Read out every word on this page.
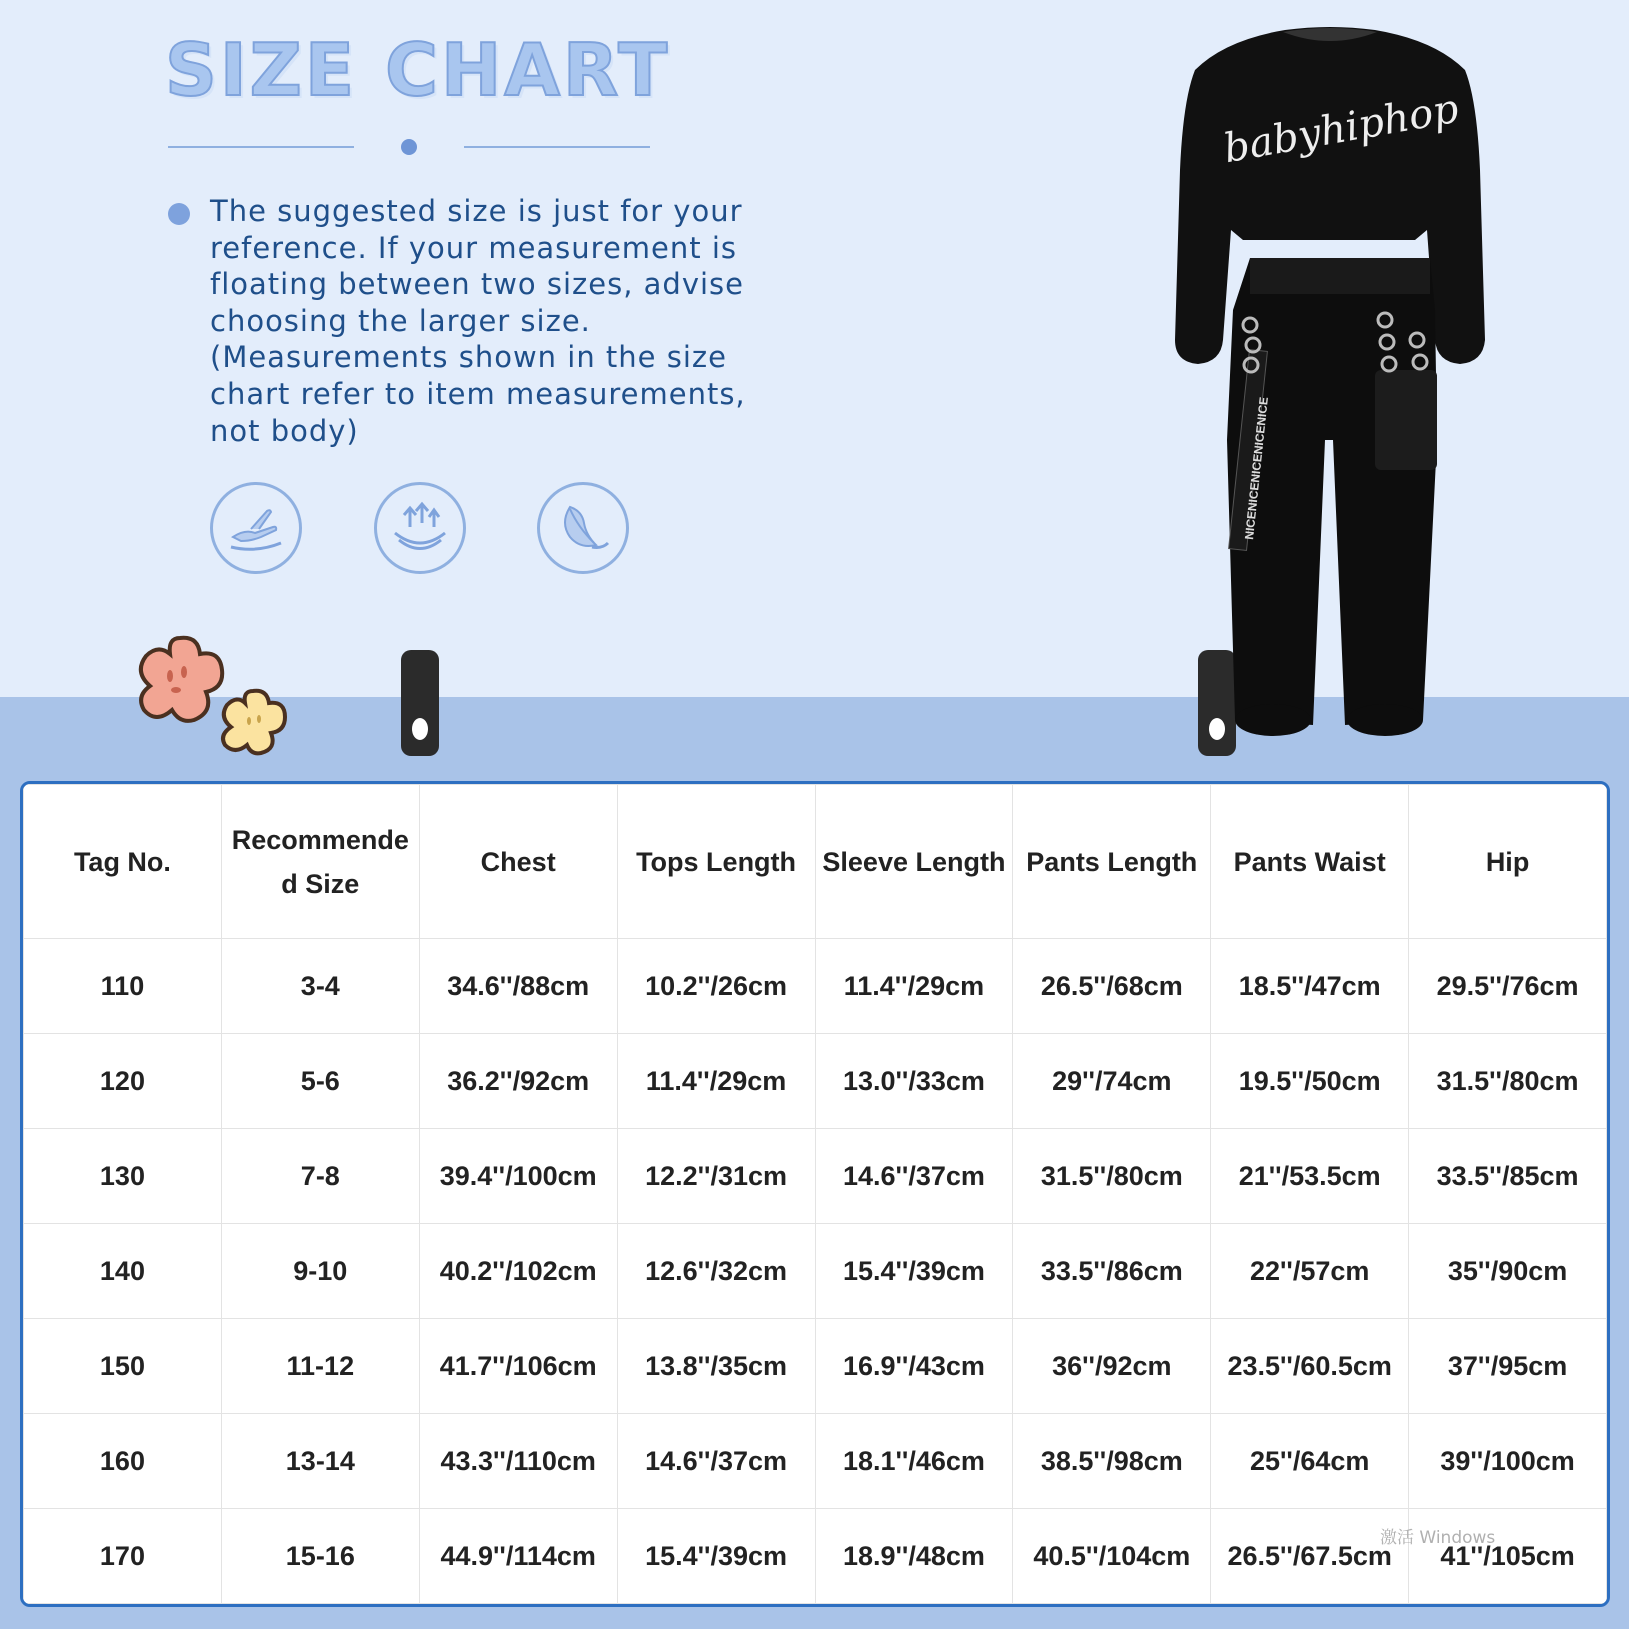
SIZE CHART

The suggested size is just for your
reference. If your measurement is
floating between two sizes, advise
choosing the larger size.
(Measurements shown in the size
chart refer to item measurements,
not body)

babyhiphop
NICENICENICENICENICE
Tag No.	Recommended Size	Chest	Tops Length	Sleeve Length	Pants Length	Pants Waist	Hip
110	3-4	34.6''/88cm	10.2''/26cm	11.4''/29cm	26.5''/68cm	18.5''/47cm	29.5''/76cm
120	5-6	36.2''/92cm	11.4''/29cm	13.0''/33cm	29''/74cm	19.5''/50cm	31.5''/80cm
130	7-8	39.4''/100cm	12.2''/31cm	14.6''/37cm	31.5''/80cm	21''/53.5cm	33.5''/85cm
140	9-10	40.2''/102cm	12.6''/32cm	15.4''/39cm	33.5''/86cm	22''/57cm	35''/90cm
150	11-12	41.7''/106cm	13.8''/35cm	16.9''/43cm	36''/92cm	23.5''/60.5cm	37''/95cm
160	13-14	43.3''/110cm	14.6''/37cm	18.1''/46cm	38.5''/98cm	25''/64cm	39''/100cm
170	15-16	44.9''/114cm	15.4''/39cm	18.9''/48cm	40.5''/104cm	26.5''/67.5cm	41''/105cm
激活 Windows
